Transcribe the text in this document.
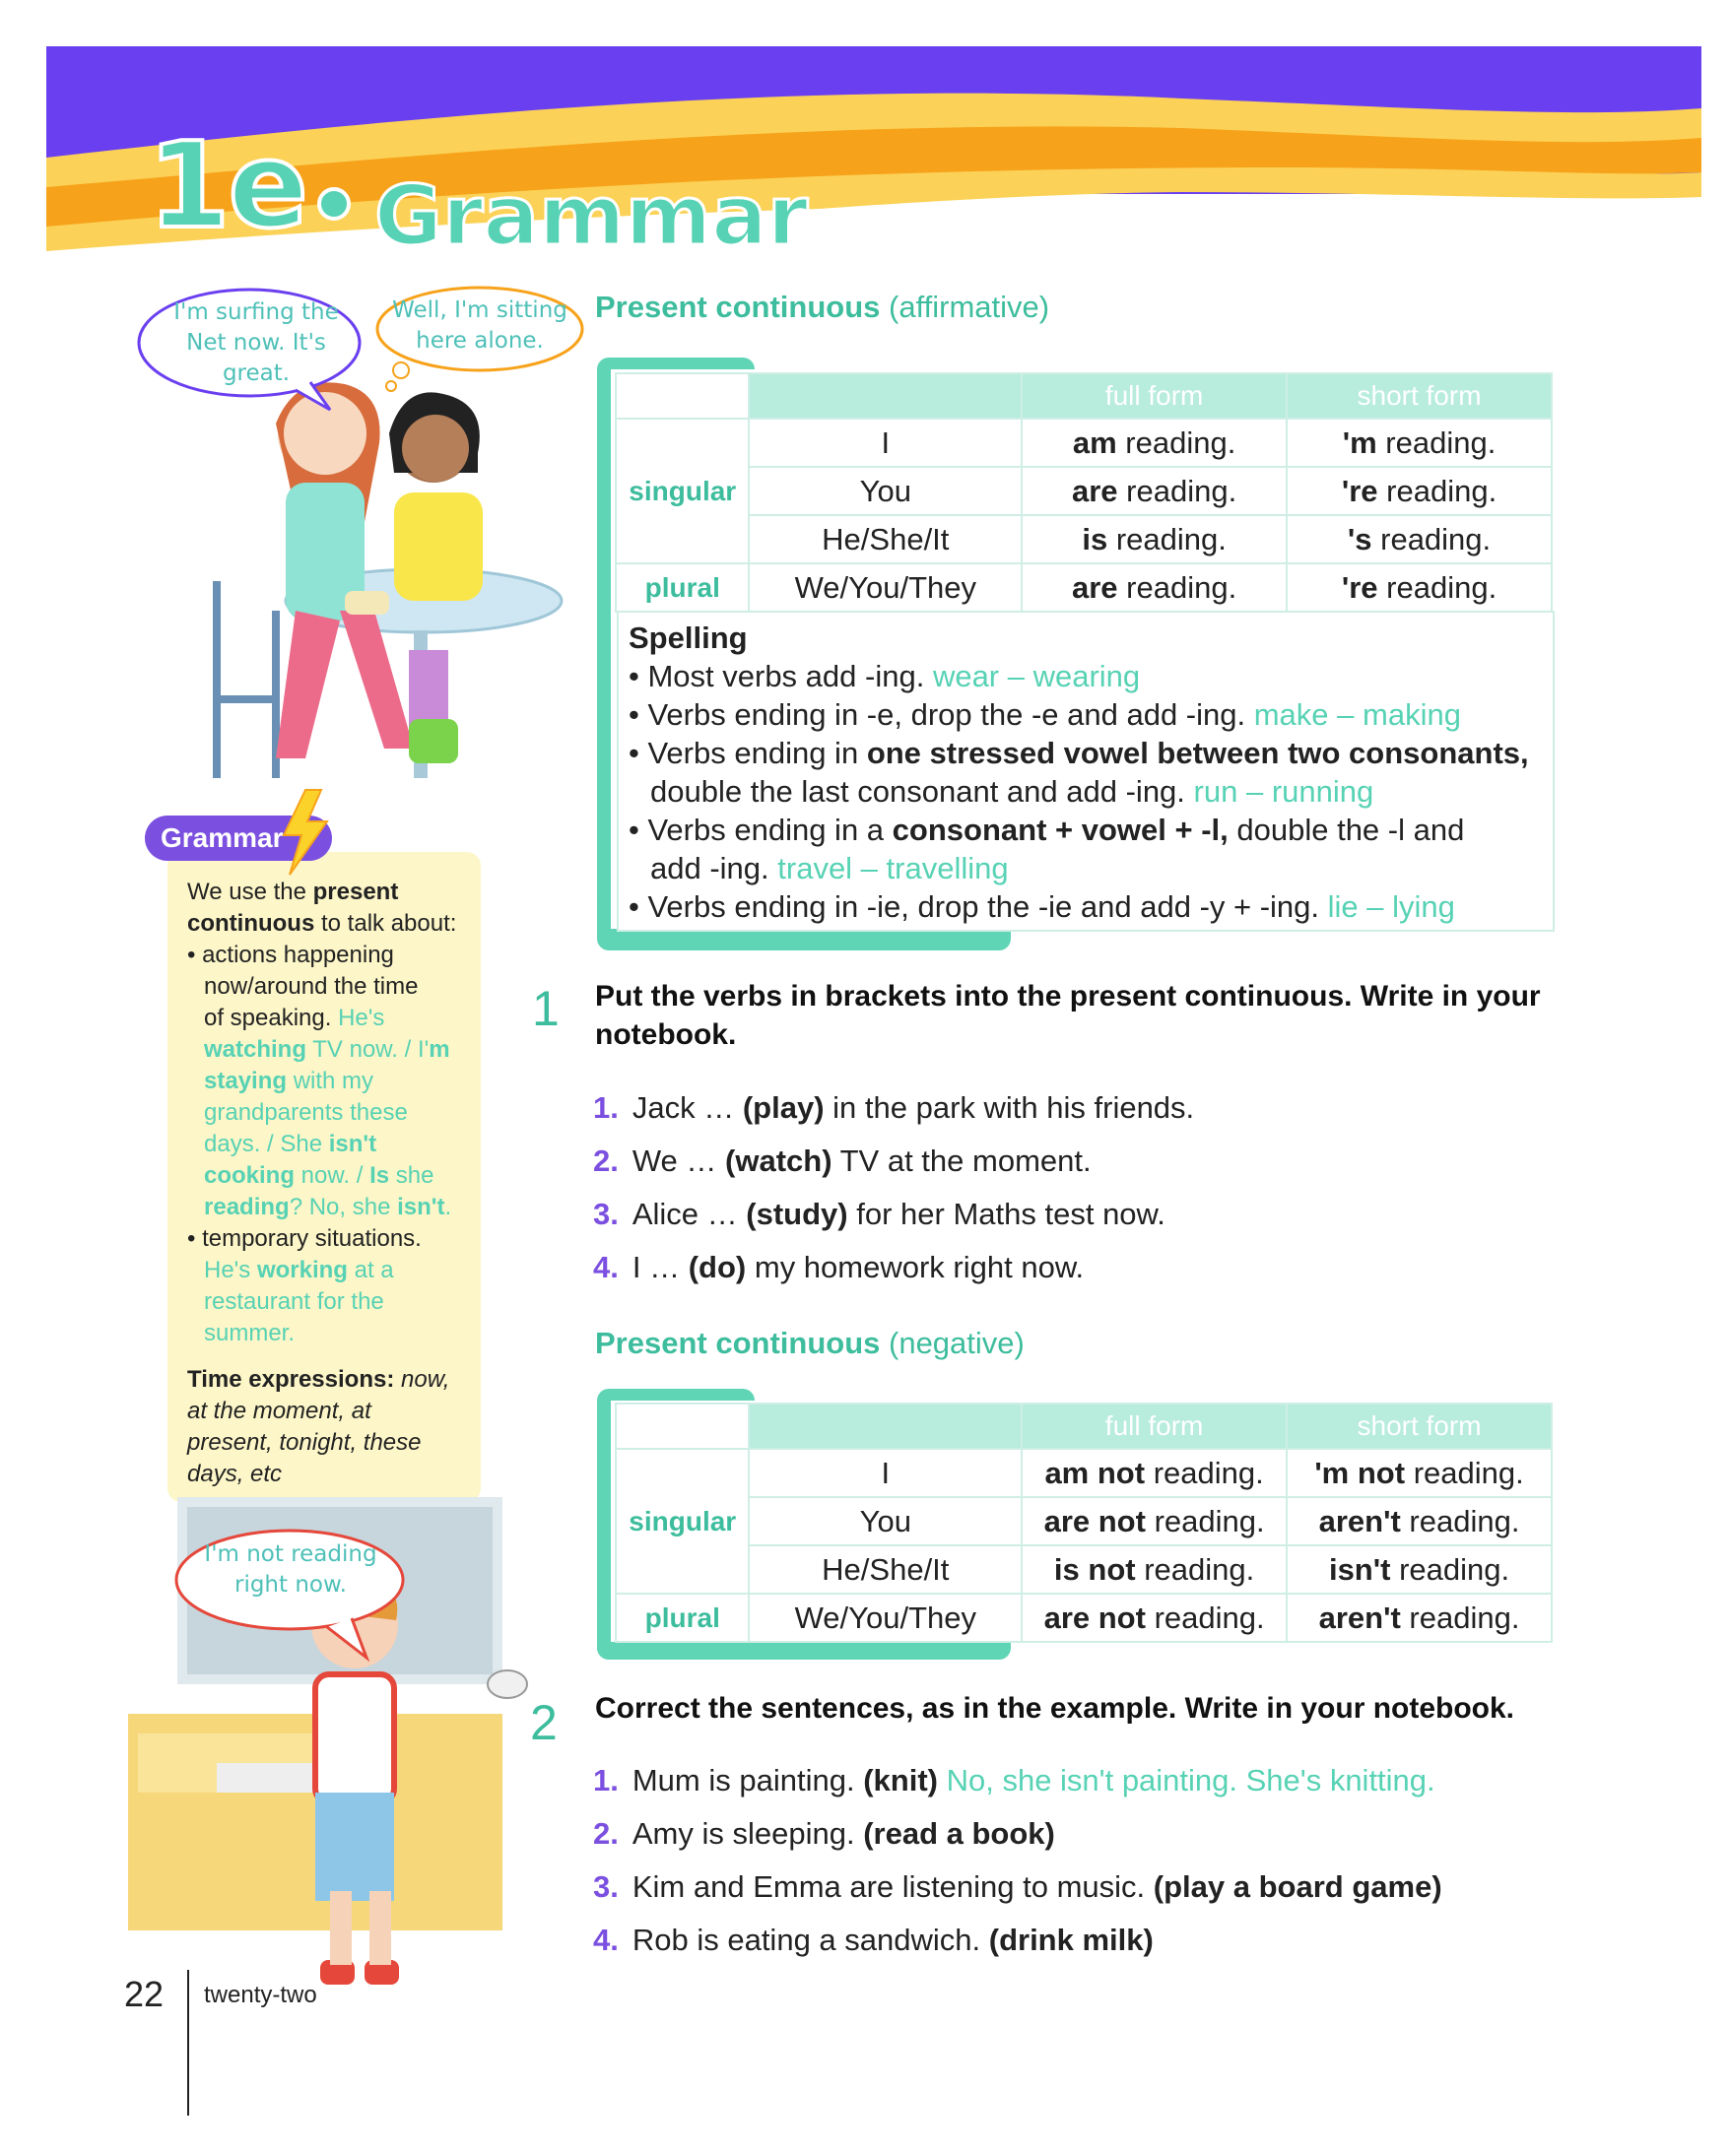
1e Grammar
I'm surfing the Net now. It's great.
Well, I'm sitting here alone.
Grammar
We use the present
continuous to talk about:
• actions happening
now/around the time
of speaking. He's
watching TV now. / I'm
staying with my
grandparents these
days. / She isn't
cooking now. / Is she
reading? No, she isn't.
• temporary situations.
He's working at a
restaurant for the
summer.
Time expressions: now,
at the moment, at
present, tonight, these
days, etc
I'm not reading right now.
Present continuous (affirmative)
		full form	short form
singular	I	am reading.	'm reading.
	You	are reading.	're reading.
	He/She/It	is reading.	's reading.
plural	We/You/They	are reading.	're reading.
Spelling
• Most verbs add -ing. wear – wearing
• Verbs ending in -e, drop the -e and add -ing. make – making
• Verbs ending in one stressed vowel between two consonants,
double the last consonant and add -ing. run – running
• Verbs ending in a consonant + vowel + -l, double the -l and
add -ing. travel – travelling
• Verbs ending in -ie, drop the -ie and add -y + -ing. lie – lying
1 Put the verbs in brackets into the present continuous. Write in your
notebook.
1. Jack … (play) in the park with his friends.
2. We … (watch) TV at the moment.
3. Alice … (study) for her Maths test now.
4. I … (do) my homework right now.
Present continuous (negative)
		full form	short form
singular	I	am not reading.	'm not reading.
	You	are not reading.	aren't reading.
	He/She/It	is not reading.	isn't reading.
plural	We/You/They	are not reading.	aren't reading.
2 Correct the sentences, as in the example. Write in your notebook.
1. Mum is painting. (knit) No, she isn't painting. She's knitting.
2. Amy is sleeping. (read a book)
3. Kim and Emma are listening to music. (play a board game)
4. Rob is eating a sandwich. (drink milk)
22 twenty-two
